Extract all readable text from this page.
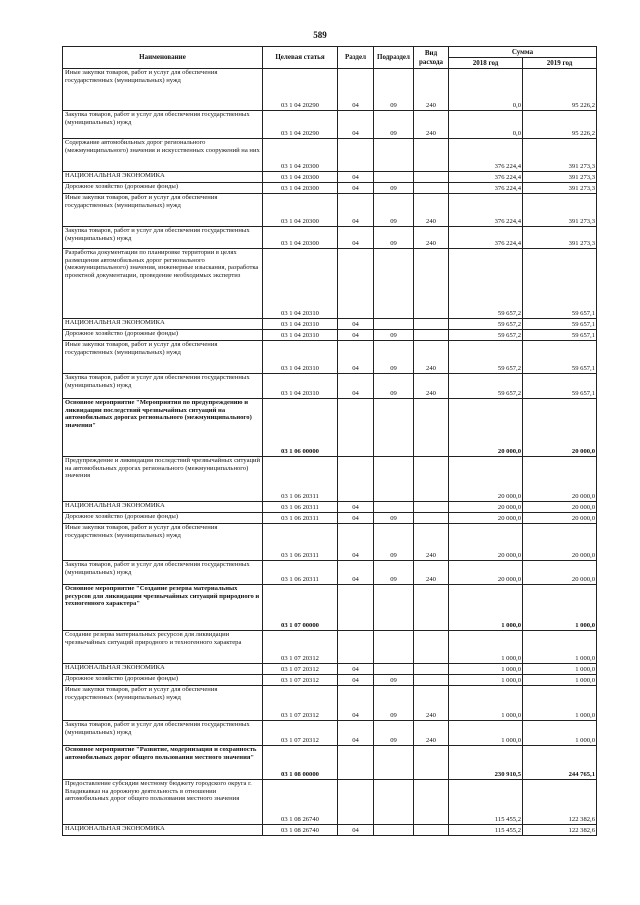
589
Наименование	Целевая статья	Раздел	Подраздел	Вид расхода	Сумма	
					2018 год	2019 год
Иные закупки товаров, работ и услуг для обеспечения государственных (муниципальных) нужд	03 1 04 20290	04	09	240	0,0	95 226,2
Закупка товаров, работ и услуг для обеспечения государственных (муниципальных) нужд	03 1 04 20290	04	09	240	0,0	95 226,2
Содержание автомобильных дорог регионального (межмуниципального) значения и искусственных сооружений на них	03 1 04 20300				376 224,4	391 273,3
НАЦИОНАЛЬНАЯ ЭКОНОМИКА	03 1 04 20300	04			376 224,4	391 273,3
Дорожное хозяйство (дорожные фонды)	03 1 04 20300	04	09		376 224,4	391 273,3
Иные закупки товаров, работ и услуг для обеспечения государственных (муниципальных) нужд	03 1 04 20300	04	09	240	376 224,4	391 273,3
Закупка товаров, работ и услуг для обеспечения государственных (муниципальных) нужд	03 1 04 20300	04	09	240	376 224,4	391 273,3
Разработка документации по планировке территории в целях размещения автомобильных дорог регионального (межмуниципального) значения, инженерные изыскания, разработка проектной документации, проведение необходимых экспертиз	03 1 04 20310				59 657,2	59 657,1
НАЦИОНАЛЬНАЯ ЭКОНОМИКА	03 1 04 20310	04			59 657,2	59 657,1
Дорожное хозяйство (дорожные фонды)	03 1 04 20310	04	09		59 657,2	59 657,1
Иные закупки товаров, работ и услуг для обеспечения государственных (муниципальных) нужд	03 1 04 20310	04	09	240	59 657,2	59 657,1
Закупка товаров, работ и услуг для обеспечения государственных (муниципальных) нужд	03 1 04 20310	04	09	240	59 657,2	59 657,1
Основное мероприятие "Мероприятия по предупреждению и ликвидации последствий чрезвычайных ситуаций на автомобильных дорогах регионального (межмуниципального) значения"	03 1 06 00000				20 000,0	20 000,0
Предупреждение и ликвидация последствий чрезвычайных ситуаций на автомобильных дорогах регионального (межмуниципального) значения	03 1 06 20311				20 000,0	20 000,0
НАЦИОНАЛЬНАЯ ЭКОНОМИКА	03 1 06 20311	04			20 000,0	20 000,0
Дорожное хозяйство (дорожные фонды)	03 1 06 20311	04	09		20 000,0	20 000,0
Иные закупки товаров, работ и услуг для обеспечения государственных (муниципальных) нужд	03 1 06 20311	04	09	240	20 000,0	20 000,0
Закупка товаров, работ и услуг для обеспечения государственных (муниципальных) нужд	03 1 06 20311	04	09	240	20 000,0	20 000,0
Основное мероприятие "Создание резерва материальных ресурсов для ликвидации чрезвычайных ситуаций природного и техногенного характера"	03 1 07 00000				1 000,0	1 000,0
Создание резерва материальных ресурсов для ликвидации чрезвычайных ситуаций природного и техногенного характера	03 1 07 20312				1 000,0	1 000,0
НАЦИОНАЛЬНАЯ ЭКОНОМИКА	03 1 07 20312	04			1 000,0	1 000,0
Дорожное хозяйство (дорожные фонды)	03 1 07 20312	04	09		1 000,0	1 000,0
Иные закупки товаров, работ и услуг для обеспечения государственных (муниципальных) нужд	03 1 07 20312	04	09	240	1 000,0	1 000,0
Закупка товаров, работ и услуг для обеспечения государственных (муниципальных) нужд	03 1 07 20312	04	09	240	1 000,0	1 000,0
Основное мероприятие "Развитие, модернизация и сохранность автомобильных дорог общего пользования местного значения"	03 1 08 00000				230 910,5	244 765,1
Предоставление субсидии местному бюджету городского округа г. Владикавказ на дорожную деятельность в отношении автомобильных дорог общего пользования местного значения	03 1 08 26740				115 455,2	122 382,6
НАЦИОНАЛЬНАЯ ЭКОНОМИКА	03 1 08 26740	04			115 455,2	122 382,6
